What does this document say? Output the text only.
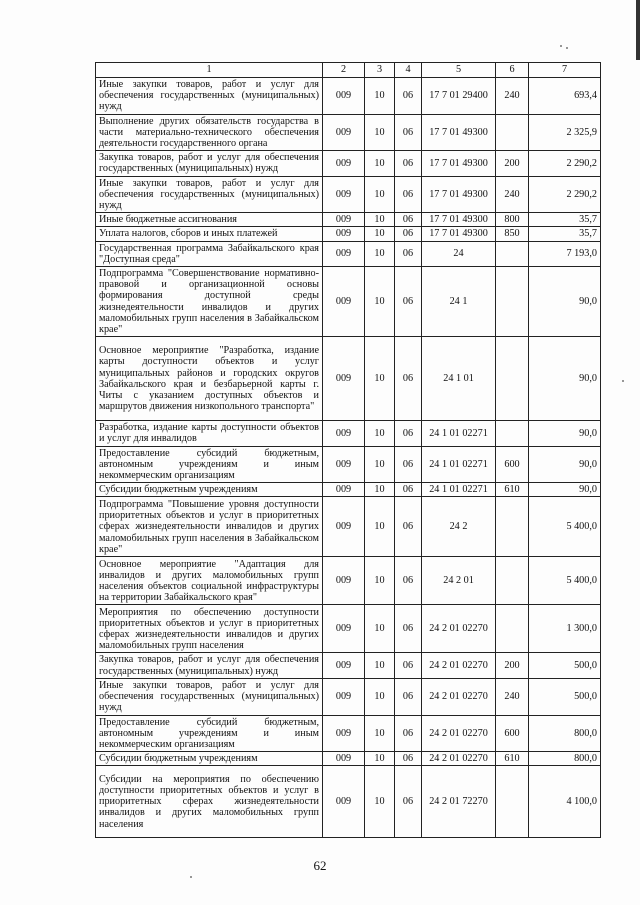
1	2	3	4	5	6	7
Иные закупки товаров, работ и услуг для обеспечения государственных (муниципальных) нужд	009	10	06	17 7 01 29400	240	693,4
Выполнение других обязательств государства в части материально-технического обеспечения деятельности государственного органа	009	10	06	17 7 01 49300		2 325,9
Закупка товаров, работ и услуг для обеспечения государственных (муниципальных) нужд	009	10	06	17 7 01 49300	200	2 290,2
Иные закупки товаров, работ и услуг для обеспечения государственных (муниципальных) нужд	009	10	06	17 7 01 49300	240	2 290,2
Иные бюджетные ассигнования	009	10	06	17 7 01 49300	800	35,7
Уплата налогов, сборов и иных платежей	009	10	06	17 7 01 49300	850	35,7
Государственная программа Забайкальского края "Доступная среда"	009	10	06	24		7 193,0
Подпрограмма "Совершенствование нормативно-правовой и организационной основы формирования доступной среды жизнедеятельности инвалидов и других маломобильных групп населения в Забайкальском крае"	009	10	06	24 1		90,0
Основное мероприятие "Разработка, издание карты доступности объектов и услуг муниципальных районов и городских округов Забайкальского края и безбарьерной карты г. Читы с указанием доступных объектов и маршрутов движения низкопольного транспорта"	009	10	06	24 1 01		90,0
Разработка, издание карты доступности объектов и услуг для инвалидов	009	10	06	24 1 01 02271		90,0
Предоставление субсидий бюджетным, автономным учреждениям и иным некоммерческим организациям	009	10	06	24 1 01 02271	600	90,0
Субсидии бюджетным учреждениям	009	10	06	24 1 01 02271	610	90,0
Подпрограмма "Повышение уровня доступности приоритетных объектов и услуг в приоритетных сферах жизнедеятельности инвалидов и других маломобильных групп населения в Забайкальском крае"	009	10	06	24 2		5 400,0
Основное мероприятие "Адаптация для инвалидов и других маломобильных групп населения объектов социальной инфраструктуры на территории Забайкальского края"	009	10	06	24 2 01		5 400,0
Мероприятия по обеспечению доступности приоритетных объектов и услуг в приоритетных сферах жизнедеятельности инвалидов и других маломобильных групп населения	009	10	06	24 2 01 02270		1 300,0
Закупка товаров, работ и услуг для обеспечения государственных (муниципальных) нужд	009	10	06	24 2 01 02270	200	500,0
Иные закупки товаров, работ и услуг для обеспечения государственных (муниципальных) нужд	009	10	06	24 2 01 02270	240	500,0
Предоставление субсидий бюджетным, автономным учреждениям и иным некоммерческим организациям	009	10	06	24 2 01 02270	600	800,0
Субсидии бюджетным учреждениям	009	10	06	24 2 01 02270	610	800,0
Субсидии на мероприятия по обеспечению доступности приоритетных объектов и услуг в приоритетных сферах жизнедеятельности инвалидов и других маломобильных групп населения	009	10	06	24 2 01 72270		4 100,0
62
